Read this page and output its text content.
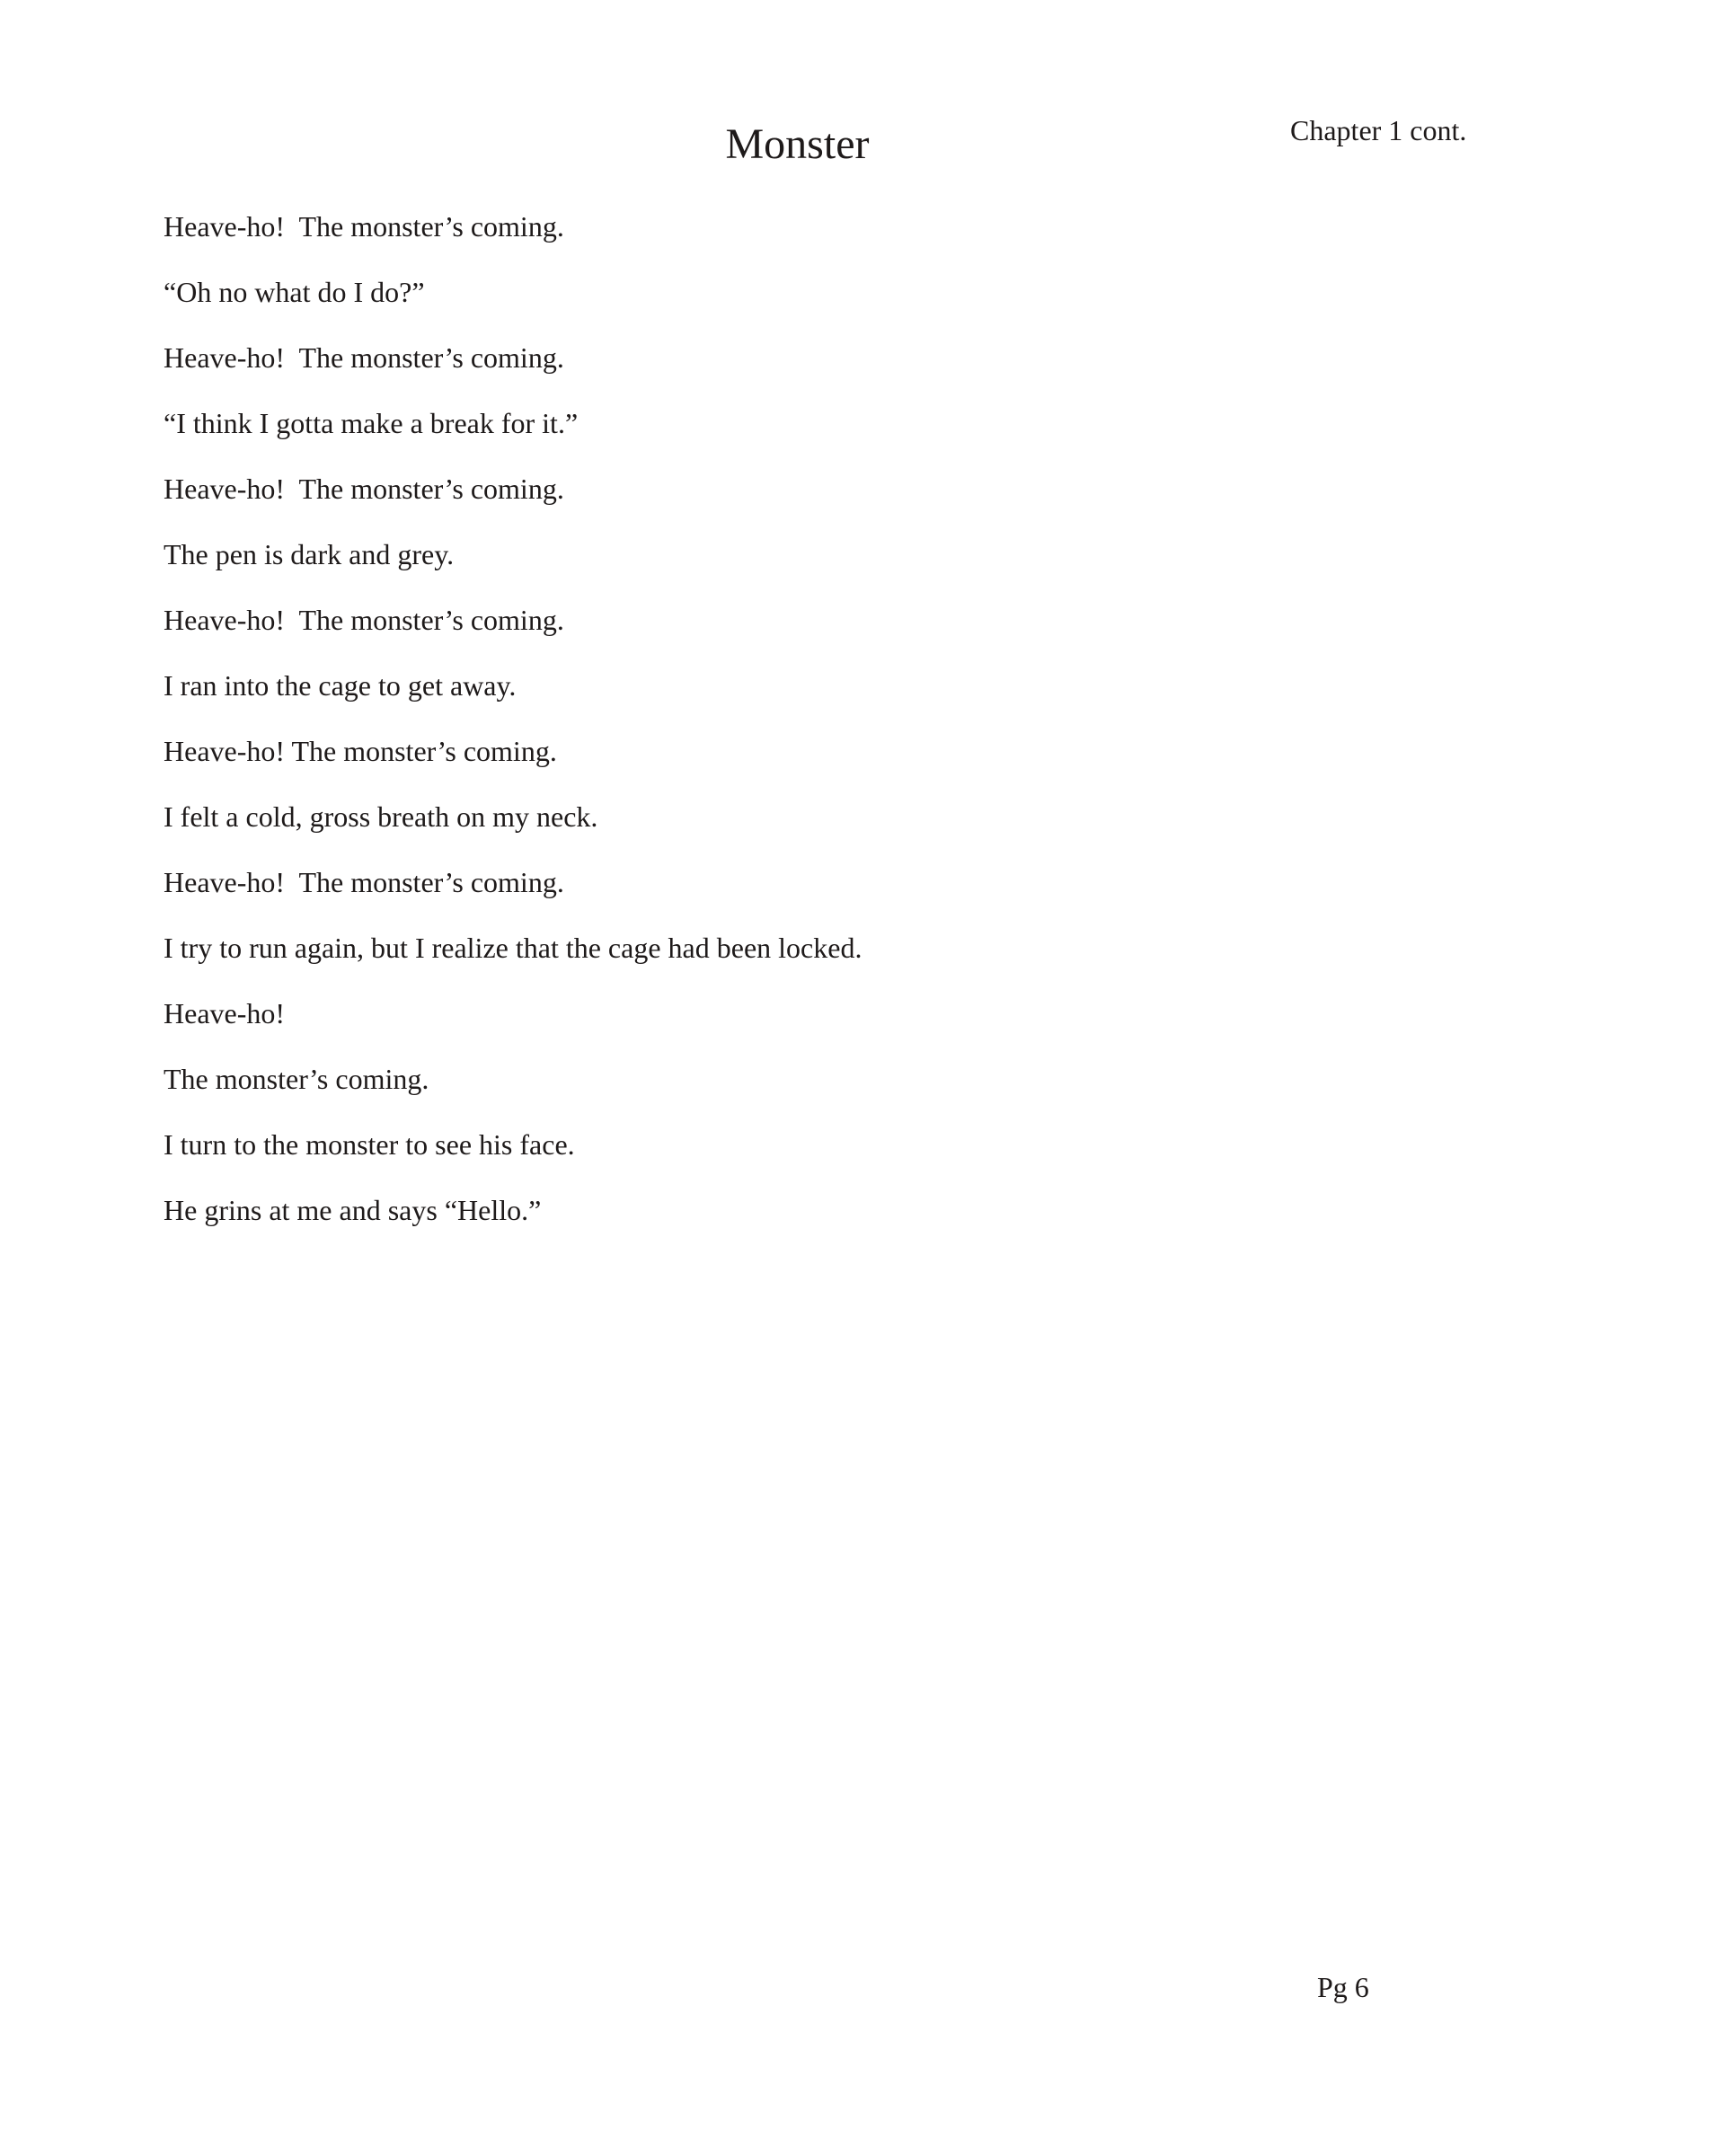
Monster	Chapter 1 cont.
Heave-ho!  The monster’s coming.
“Oh no what do I do?”
Heave-ho!  The monster’s coming.
“I think I gotta make a break for it.”
Heave-ho!  The monster’s coming.
The pen is dark and grey.
Heave-ho!  The monster’s coming.
I ran into the cage to get away.
Heave-ho! The monster’s coming.
I felt a cold, gross breath on my neck.
Heave-ho!  The monster’s coming.
I try to run again, but I realize that the cage had been locked.
Heave-ho!
The monster’s coming.
I turn to the monster to see his face.
He grins at me and says “Hello.”
Pg 6
